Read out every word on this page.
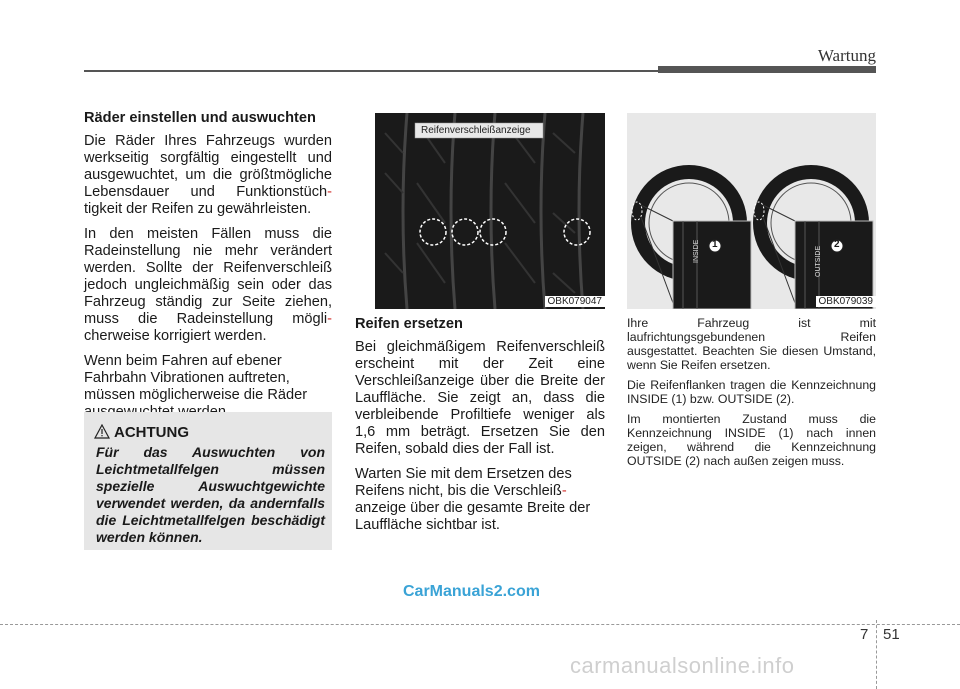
Wartung
Räder einstellen und auswuchten

Die Räder Ihres Fahrzeugs wurden werkseitig sorgfältig eingestellt und ausgewuchtet, um die größtmögliche Lebensdauer und Funktionstüch- tigkeit der Reifen zu gewährleisten.

In den meisten Fällen muss die Radeinstellung nie mehr verändert werden. Sollte der Reifenverschleiß jedoch ungleichmäßig sein oder das Fahrzeug ständig zur Seite ziehen, muss die Radeinstellung mögli- cherweise korrigiert werden.

Wenn beim Fahren auf ebener Fahrbahn Vibrationen auftreten, müssen möglicherweise die Räder

ACHTUNG
Für das Auswuchten von Leichtmetallfelgen müssen spezielle Auswuchtgewichte verwendet werden, da andernfalls die Leichtmetallfelgen beschädigt werden können.
Reifenverschleißanzeige
OBK079047
Reifen ersetzen

Bei gleichmäßigem Reifenverschleiß erscheint mit der Zeit eine Verschleißanzeige über die Breite der Lauffläche. Sie zeigt an, dass die verbleibende Profiltiefe weniger als 1,6 mm beträgt. Ersetzen Sie den Reifen, sobald dies der Fall ist.

Warten Sie mit dem Ersetzen des Reifens nicht, bis die Verschleiß- anzeige über die gesamte Breite der Lauffläche sichtbar ist.

1	2
INSIDE	OUTSIDE
OBK079039

Ihre Fahrzeug ist mit laufrichtungsgebundenen Reifen ausgestattet. Beachten Sie diesen Umstand, wenn Sie Reifen ersetzen.

Die Reifenflanken tragen die Kennzeichnung INSIDE (1) bzw. OUTSIDE (2).

Im montierten Zustand muss die Kennzeichnung INSIDE (1) nach innen zeigen, während die Kennzeichnung OUTSIDE (2) nach außen zeigen muss.

CarManuals2.com
7 51
carmanualsonline.info
